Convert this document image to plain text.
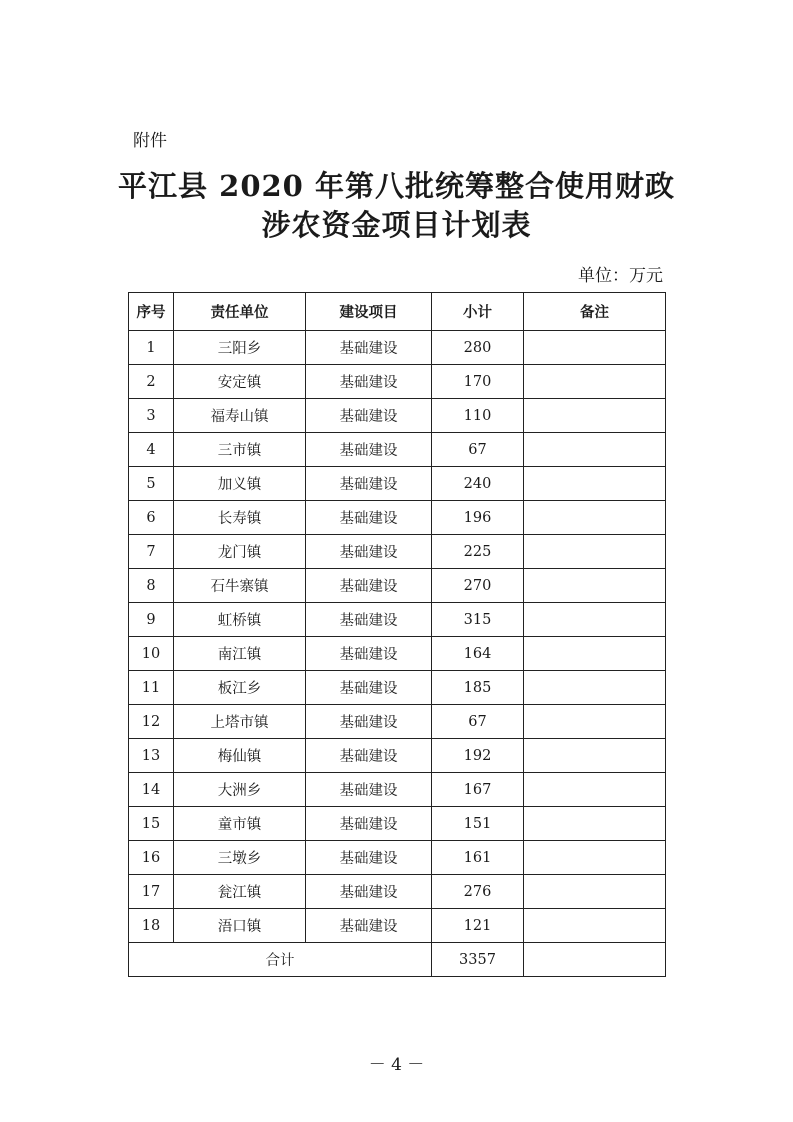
附件
平江县 2020 年第八批统筹整合使用财政
涉农资金项目计划表
单位：万元
序号	责任单位	建设项目	小计	备注
1	三阳乡	基础建设	280	
2	安定镇	基础建设	170	
3	福寿山镇	基础建设	110	
4	三市镇	基础建设	67	
5	加义镇	基础建设	240	
6	长寿镇	基础建设	196	
7	龙门镇	基础建设	225	
8	石牛寨镇	基础建设	270	
9	虹桥镇	基础建设	315	
10	南江镇	基础建设	164	
11	板江乡	基础建设	185	
12	上塔市镇	基础建设	67	
13	梅仙镇	基础建设	192	
14	大洲乡	基础建设	167	
15	童市镇	基础建设	151	
16	三墩乡	基础建设	161	
17	瓮江镇	基础建设	276	
18	浯口镇	基础建设	121	
合计			3357	
－ 4 －
